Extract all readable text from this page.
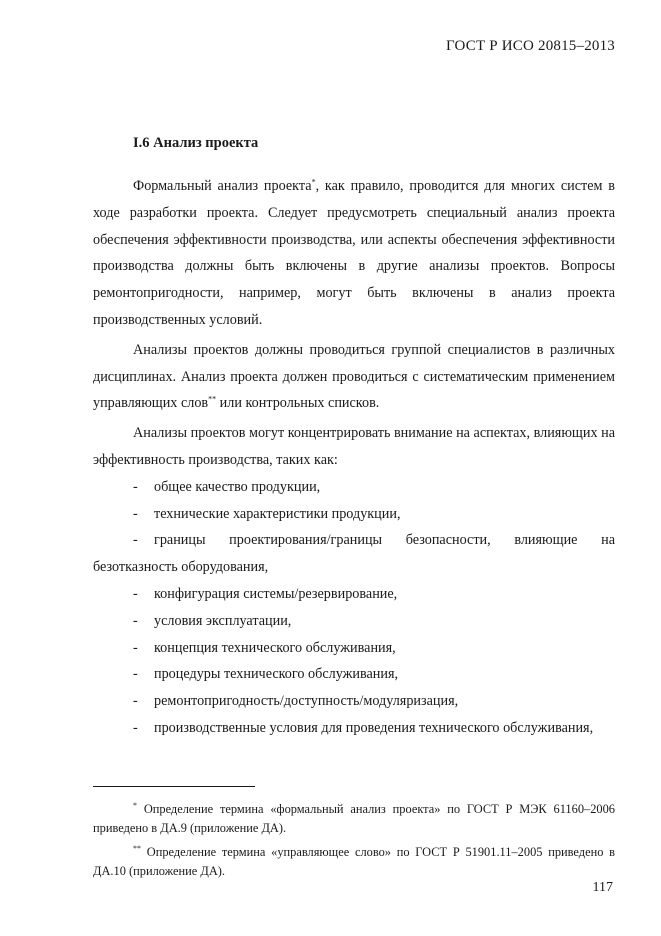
ГОСТ Р ИСО 20815–2013
I.6 Анализ проекта

Формальный анализ проекта*, как правило, проводится для многих систем в ходе разработки проекта. Следует предусмотреть специальный анализ проекта обеспечения эффективности производства, или аспекты обеспечения эффективности производства должны быть включены в другие анализы проектов. Вопросы ремонтопригодности, например, могут быть включены в анализ проекта производственных условий.

Анализы проектов должны проводиться группой специалистов в различных дисциплинах. Анализ проекта должен проводиться с систематическим применением управляющих слов** или контрольных списков.

Анализы проектов могут концентрировать внимание на аспектах, влияющих на эффективность производства, таких как:

- общее качество продукции,
- технические характеристики продукции,
- границы проектирования/границы безопасности, влияющие на безотказность оборудования,
- конфигурация системы/резервирование,
- условия эксплуатации,
- концепция технического обслуживания,
- процедуры технического обслуживания,
- ремонтопригодность/доступность/модуляризация,
- производственные условия для проведения технического обслуживания,

* Определение термина «формальный анализ проекта» по ГОСТ Р МЭК 61160–2006 приведено в ДА.9 (приложение ДА).

** Определение термина «управляющее слово» по ГОСТ Р 51901.11–2005 приведено в ДА.10 (приложение ДА).

117
